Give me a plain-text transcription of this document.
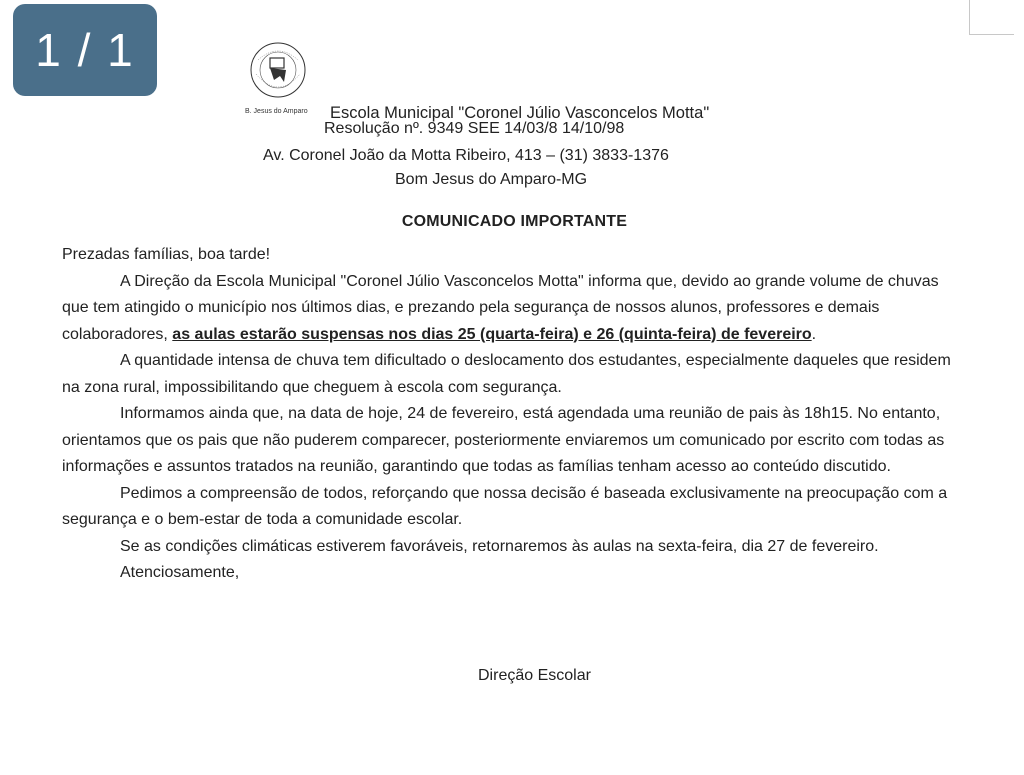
1 / 1
B. Jesus do Amparo Escola Municipal "Coronel Júlio Vasconcelos Motta"
Resolução nº. 9349 SEE 14/03/8 14/10/98
Av. Coronel João da Motta Ribeiro, 413 – (31) 3833-1376
Bom Jesus do Amparo-MG
COMUNICADO IMPORTANTE

Prezadas famílias, boa tarde!

A Direção da Escola Municipal "Coronel Júlio Vasconcelos Motta" informa que, devido ao grande volume de chuvas que tem atingido o município nos últimos dias, e prezando pela segurança de nossos alunos, professores e demais colaboradores, as aulas estarão suspensas nos dias 25 (quarta-feira) e 26 (quinta-feira) de fevereiro.

A quantidade intensa de chuva tem dificultado o deslocamento dos estudantes, especialmente daqueles que residem na zona rural, impossibilitando que cheguem à escola com segurança.

Informamos ainda que, na data de hoje, 24 de fevereiro, está agendada uma reunião de pais às 18h15. No entanto, orientamos que os pais que não puderem comparecer, posteriormente enviaremos um comunicado por escrito com todas as informações e assuntos tratados na reunião, garantindo que todas as famílias tenham acesso ao conteúdo discutido.

Pedimos a compreensão de todos, reforçando que nossa decisão é baseada exclusivamente na preocupação com a segurança e o bem-estar de toda a comunidade escolar.

Se as condições climáticas estiverem favoráveis, retornaremos às aulas na sexta-feira, dia 27 de fevereiro.

Atenciosamente,

Direção Escolar
